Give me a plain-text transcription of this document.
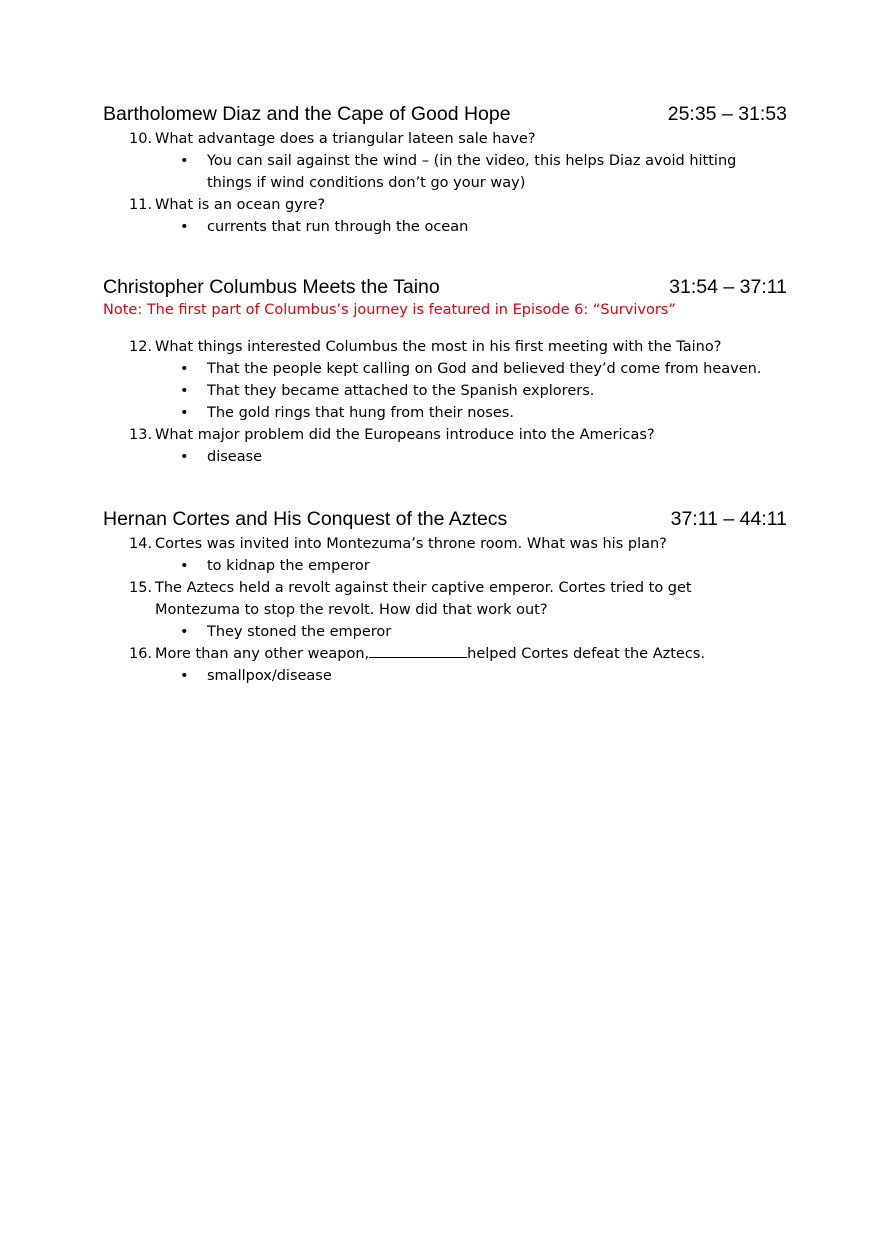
Bartholomew Diaz and the Cape of Good Hope	25:35 – 31:53
10. What advantage does a triangular lateen sale have?
• You can sail against the wind – (in the video, this helps Diaz avoid hitting things if wind conditions don’t go your way)
11. What is an ocean gyre?
• currents that run through the ocean
Christopher Columbus Meets the Taino	31:54 – 37:11
Note: The first part of Columbus’s journey is featured in Episode 6: “Survivors”
12. What things interested Columbus the most in his first meeting with the Taino?
• That the people kept calling on God and believed they’d come from heaven.
• That they became attached to the Spanish explorers.
• The gold rings that hung from their noses.
13. What major problem did the Europeans introduce into the Americas?
• disease
Hernan Cortes and His Conquest of the Aztecs	37:11 – 44:11
14. Cortes was invited into Montezuma’s throne room. What was his plan?
• to kidnap the emperor
15. The Aztecs held a revolt against their captive emperor. Cortes tried to get Montezuma to stop the revolt. How did that work out?
• They stoned the emperor
16. More than any other weapon,	helped Cortes defeat the Aztecs.
• smallpox/disease
